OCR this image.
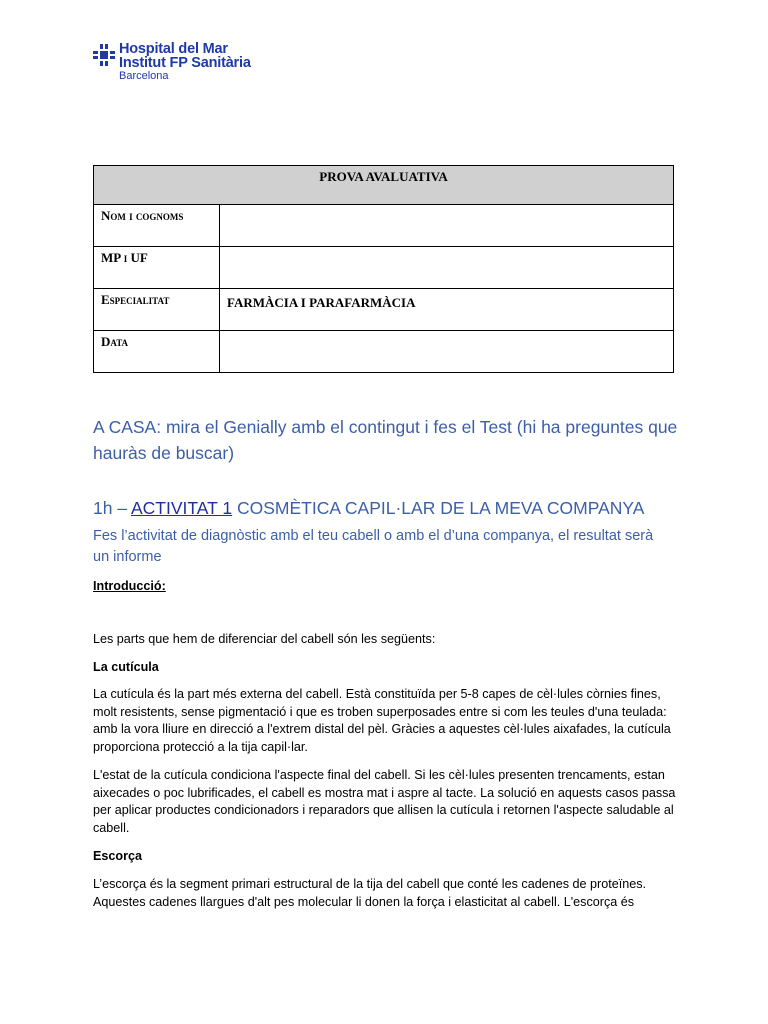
Hospital del Mar
Institut FP Sanitària
Barcelona
PROVA AVALUATIVA	
Nom i cognoms	
MP i UF	
Especialitat	FARMÀCIA I PARAFARMÀCIA
Data	
A CASA: mira el Genially amb el contingut i fes el Test (hi ha preguntes que hauràs de buscar)
1h – ACTIVITAT 1 COSMÈTICA CAPIL·LAR DE LA MEVA COMPANYA
Fes l’activitat de diagnòstic amb el teu cabell o amb el d’una companya, el resultat serà un informe
Introducció:
Les parts que hem de diferenciar del cabell són les següents:
La cutícula
La cutícula és la part més externa del cabell. Està constituïda per 5-8 capes de cèl·lules còrnies fines, molt resistents, sense pigmentació i que es troben superposades entre si com les teules d'una teulada: amb la vora lliure en direcció a l'extrem distal del pèl. Gràcies a aquestes cèl·lules aixafades, la cutícula proporciona protecció a la tija capil·lar.
L'estat de la cutícula condiciona l'aspecte final del cabell. Si les cèl·lules presenten trencaments, estan aixecades o poc lubrificades, el cabell es mostra mat i aspre al tacte. La solució en aquests casos passa per aplicar productes condicionadors i reparadors que allisen la cutícula i retornen l'aspecte saludable al cabell.
Escorça
L’escorça és la segment primari estructural de la tija del cabell que conté les cadenes de proteïnes. Aquestes cadenes llargues d'alt pes molecular li donen la força i elasticitat al cabell. L'escorça és
